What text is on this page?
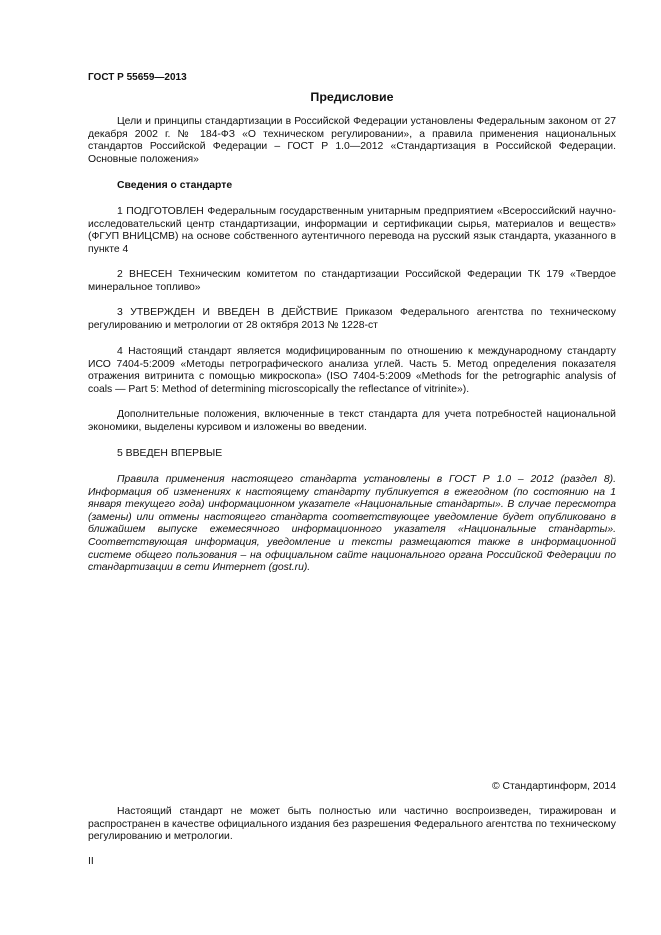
ГОСТ Р 55659—2013
Предисловие

Цели и принципы стандартизации в Российской Федерации установлены Федеральным законом от 27 декабря 2002 г. № 184-ФЗ «О техническом регулировании», а правила применения национальных стандартов Российской Федерации – ГОСТ Р 1.0—2012 «Стандартизация в Российской Федерации. Основные положения»

Сведения о стандарте

1 ПОДГОТОВЛЕН Федеральным государственным унитарным предприятием «Всероссийский научно-исследовательский центр стандартизации, информации и сертификации сырья, материалов и веществ» (ФГУП ВНИЦСМВ) на основе собственного аутентичного перевода на русский язык стандарта, указанного в пункте 4

2 ВНЕСЕН Техническим комитетом по стандартизации Российской Федерации ТК 179 «Твердое минеральное топливо»

3 УТВЕРЖДЕН И ВВЕДЕН В ДЕЙСТВИЕ Приказом Федерального агентства по техническому регулированию и метрологии от 28 октября 2013 № 1228-ст

4 Настоящий стандарт является модифицированным по отношению к международному стандарту ИСО 7404-5:2009 «Методы петрографического анализа углей. Часть 5. Метод определения показателя отражения витринита с помощью микроскопа» (ISO 7404-5:2009 «Methods for the petrographic analysis of coals — Part 5: Method of determining microscopically the reflectance of vitrinite»).

Дополнительные положения, включенные в текст стандарта для учета потребностей национальной экономики, выделены курсивом и изложены во введении.

5 ВВЕДЕН ВПЕРВЫЕ

Правила применения настоящего стандарта установлены в ГОСТ Р 1.0 – 2012 (раздел 8). Информация об изменениях к настоящему стандарту публикуется в ежегодном (по состоянию на 1 января текущего года) информационном указателе «Национальные стандарты». В случае пересмотра (замены) или отмены настоящего стандарта соответствующее уведомление будет опубликовано в ближайшем выпуске ежемесячного информационного указателя «Национальные стандарты». Соответствующая информация, уведомление и тексты размещаются также в информационной системе общего пользования – на официальном сайте национального органа Российской Федерации по стандартизации в сети Интернет (gost.ru).

© Стандартинформ, 2014

Настоящий стандарт не может быть полностью или частично воспроизведен, тиражирован и распространен в качестве официального издания без разрешения Федерального агентства по техническому регулированию и метрологии.

II
